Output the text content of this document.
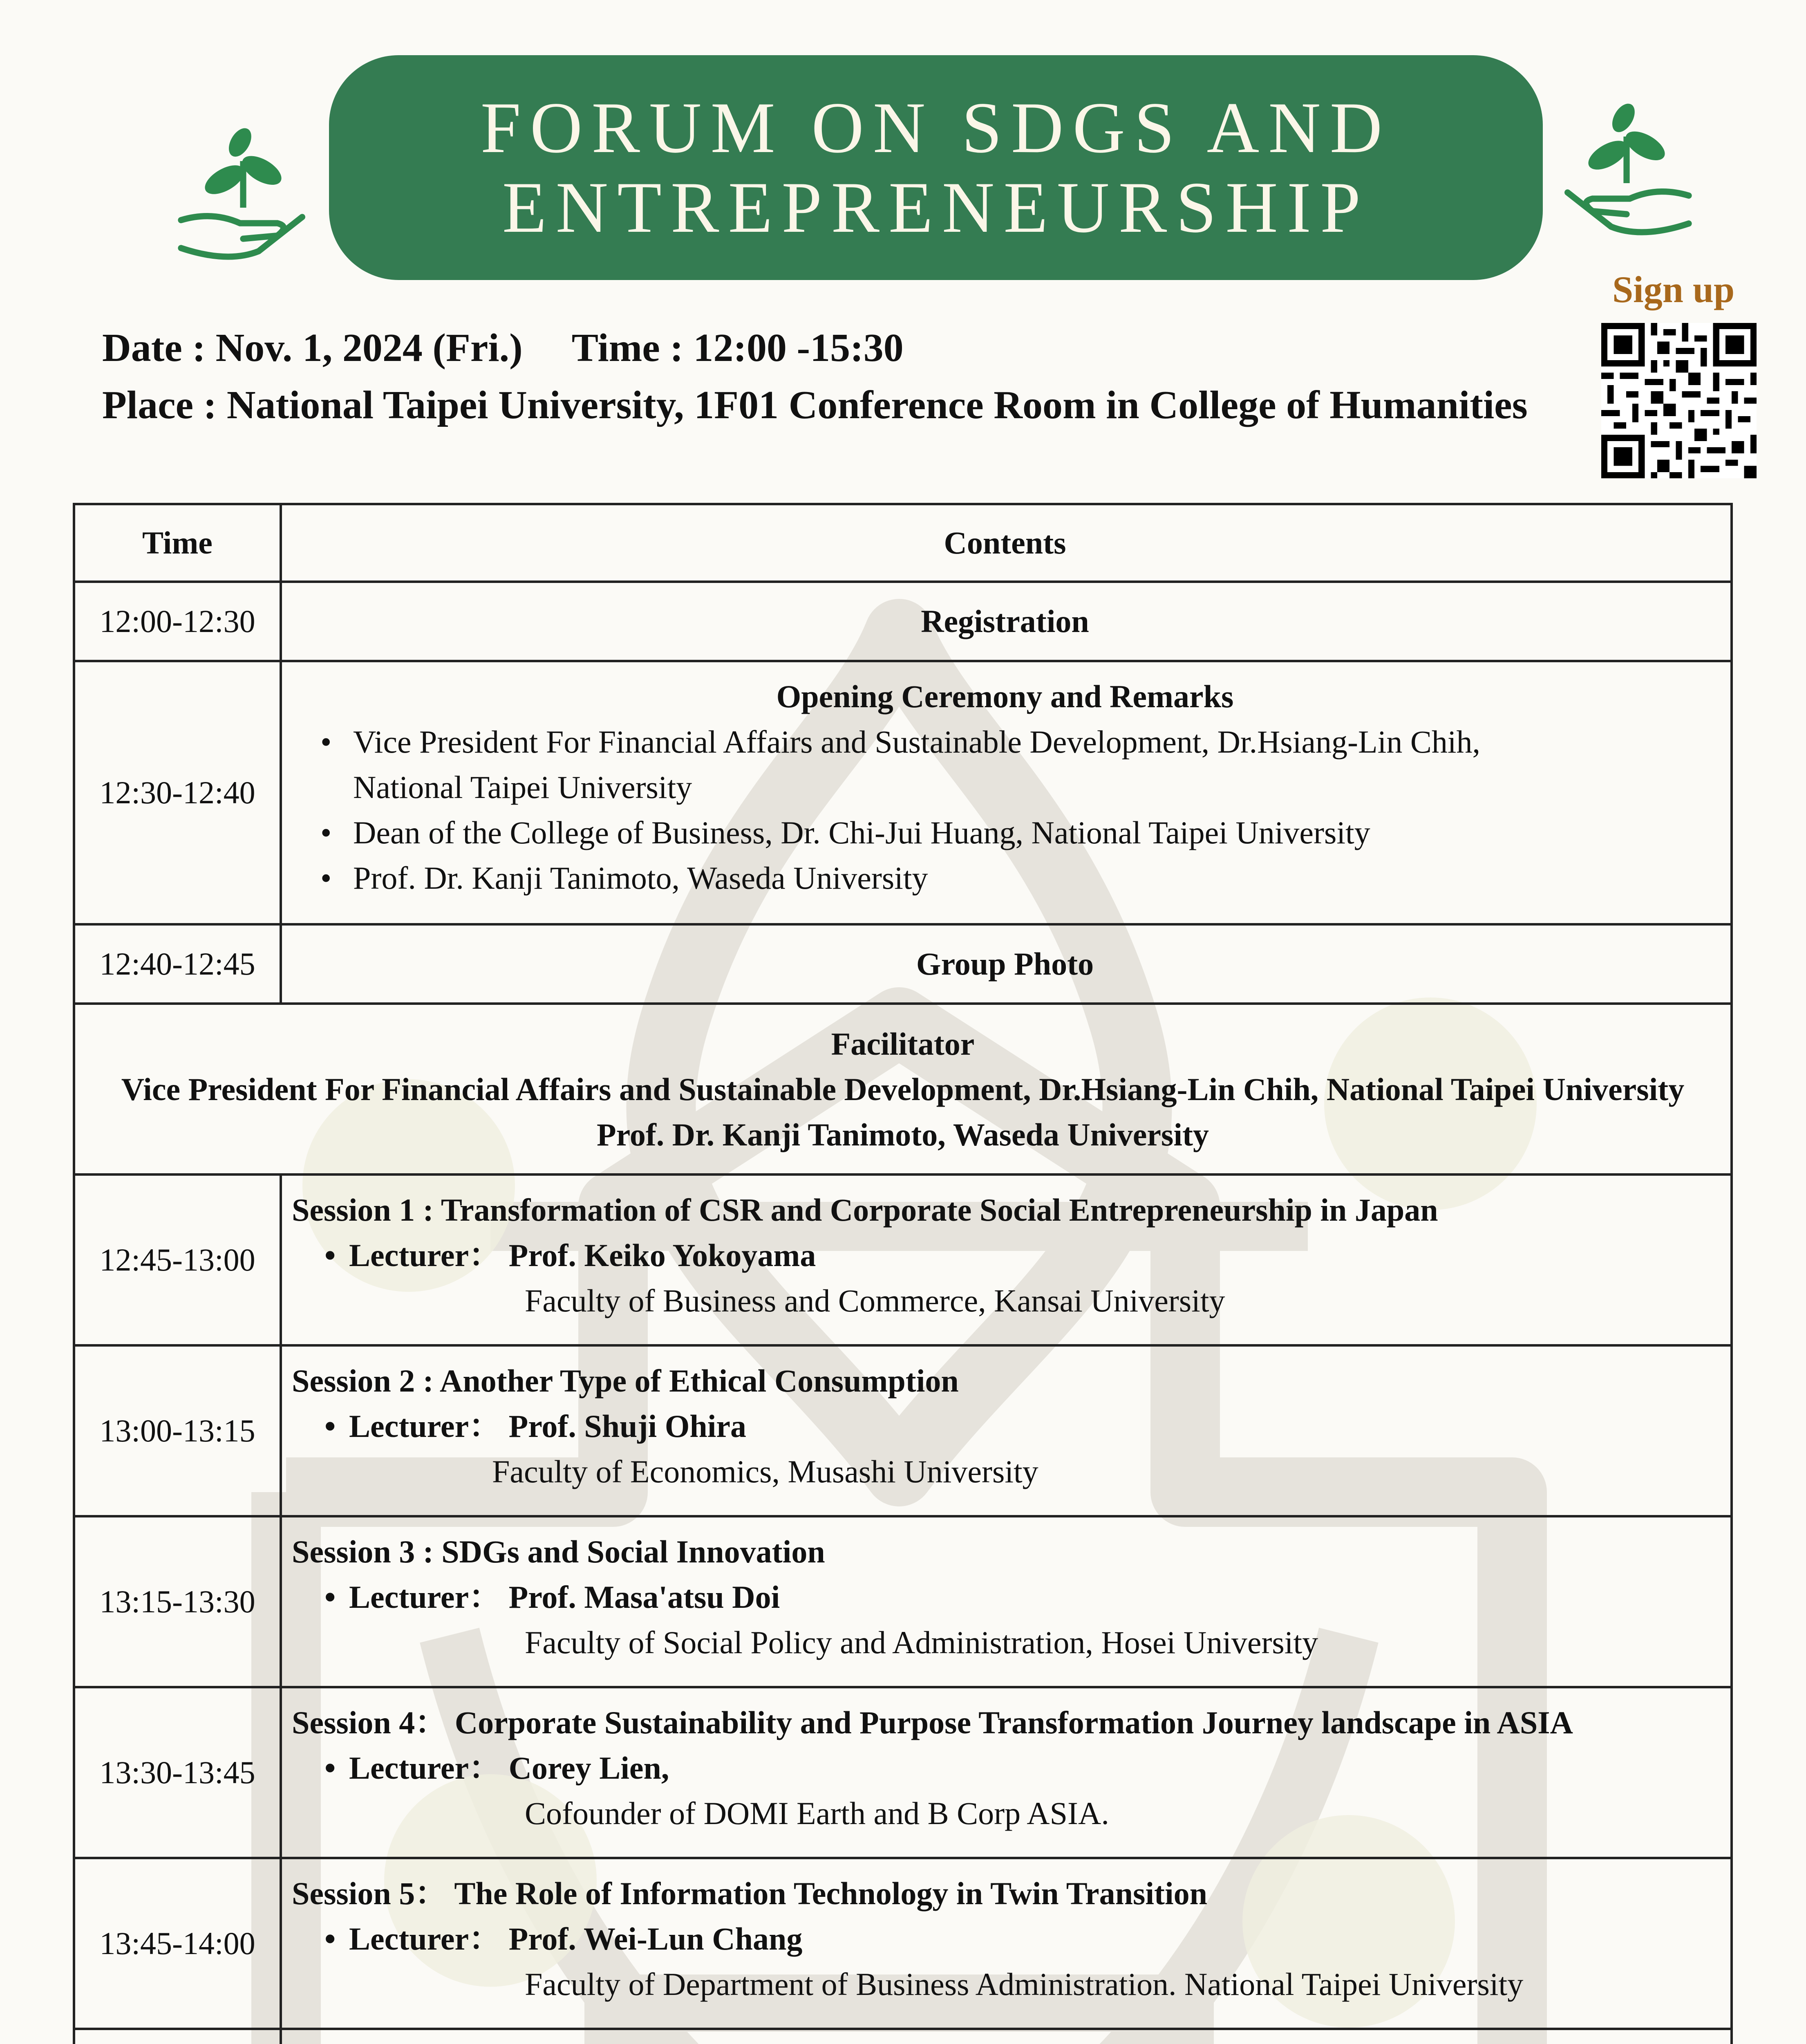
FORUM ON SDGS AND
ENTREPRENEURSHIP
Sign up
Date : Nov. 1, 2024 (Fri.) Time : 12:00 -15:30
Place : National Taipei University, 1F01 Conference Room in College of Humanities
Time	Contents
12:00-12:30	Registration
12:30-12:40
Opening Ceremony and Remarks
• Vice President For Financial Affairs and Sustainable Development, Dr.Hsiang-Lin Chih,
National Taipei University
• Dean of the College of Business, Dr. Chi-Jui Huang, National Taipei University
• Prof. Dr. Kanji Tanimoto, Waseda University
12:40-12:45	Group Photo
Facilitator
Vice President For Financial Affairs and Sustainable Development, Dr.Hsiang-Lin Chih, National Taipei University
Prof. Dr. Kanji Tanimoto, Waseda University
12:45-13:00
Session 1 : Transformation of CSR and Corporate Social Entrepreneurship in Japan
• Lecturer： Prof. Keiko Yokoyama
Faculty of Business and Commerce, Kansai University
13:00-13:15
Session 2 : Another Type of Ethical Consumption
• Lecturer： Prof. Shuji Ohira
Faculty of Economics, Musashi University
13:15-13:30
Session 3 : SDGs and Social Innovation
• Lecturer： Prof. Masa'atsu Doi
Faculty of Social Policy and Administration, Hosei University
13:30-13:45
Session 4： Corporate Sustainability and Purpose Transformation Journey landscape in ASIA
• Lecturer： Corey Lien,
Cofounder of DOMI Earth and B Corp ASIA.
13:45-14:00
Session 5： The Role of Information Technology in Twin Transition
• Lecturer： Prof. Wei-Lun Chang
Faculty of Department of Business Administration. National Taipei University
